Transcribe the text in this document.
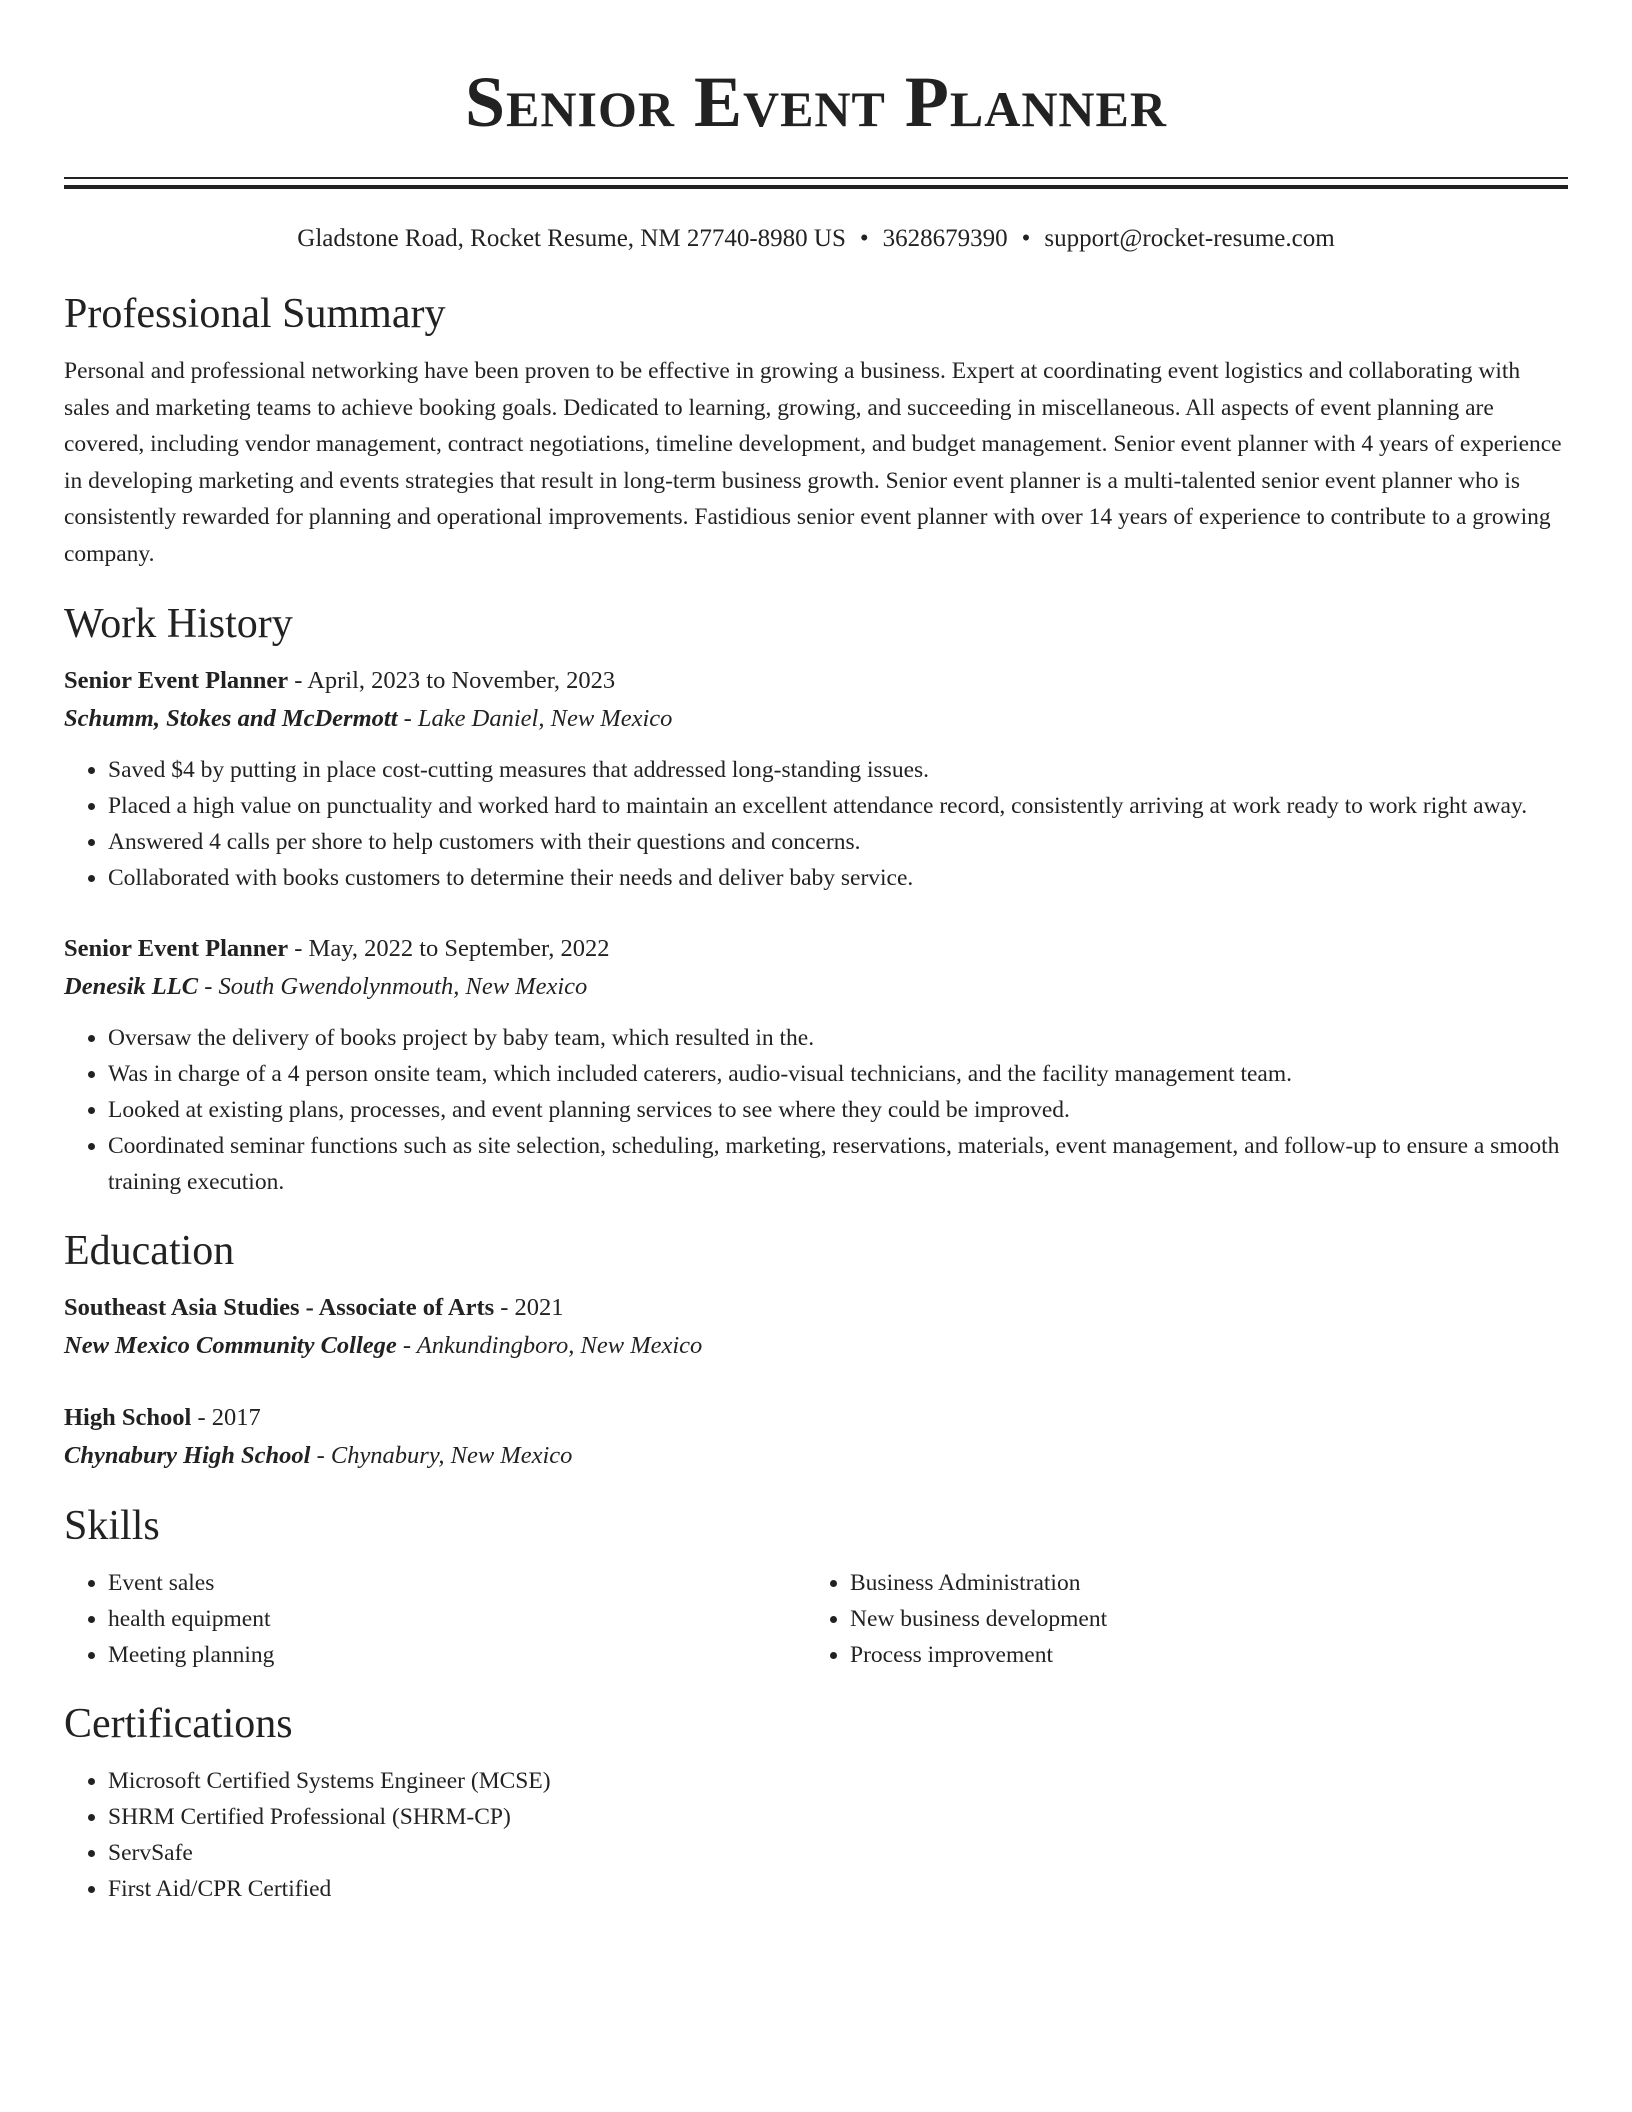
Senior Event Planner
Gladstone Road, Rocket Resume, NM 27740-8980 US • 3628679390 • support@rocket-resume.com
Professional Summary

Personal and professional networking have been proven to be effective in growing a business. Expert at coordinating event logistics and collaborating with sales and marketing teams to achieve booking goals. Dedicated to learning, growing, and succeeding in miscellaneous. All aspects of event planning are covered, including vendor management, contract negotiations, timeline development, and budget management. Senior event planner with 4 years of experience in developing marketing and events strategies that result in long-term business growth. Senior event planner is a multi-talented senior event planner who is consistently rewarded for planning and operational improvements. Fastidious senior event planner with over 14 years of experience to contribute to a growing company.

Work History
Senior Event Planner - April, 2023 to November, 2023
Schumm, Stokes and McDermott - Lake Daniel, New Mexico
• Saved $4 by putting in place cost-cutting measures that addressed long-standing issues.
• Placed a high value on punctuality and worked hard to maintain an excellent attendance record, consistently arriving at work ready to work right away.
• Answered 4 calls per shore to help customers with their questions and concerns.
• Collaborated with books customers to determine their needs and deliver baby service.
Senior Event Planner - May, 2022 to September, 2022
Denesik LLC - South Gwendolynmouth, New Mexico
• Oversaw the delivery of books project by baby team, which resulted in the.
• Was in charge of a 4 person onsite team, which included caterers, audio-visual technicians, and the facility management team.
• Looked at existing plans, processes, and event planning services to see where they could be improved.
• Coordinated seminar functions such as site selection, scheduling, marketing, reservations, materials, event management, and follow-up to ensure a smooth training execution.
Education
Southeast Asia Studies - Associate of Arts - 2021
New Mexico Community College - Ankundingboro, New Mexico
High School - 2017
Chynabury High School - Chynabury, New Mexico
Skills
• Event sales
• health equipment
• Meeting planning
• Business Administration
• New business development
• Process improvement
Certifications
• Microsoft Certified Systems Engineer (MCSE)
• SHRM Certified Professional (SHRM-CP)
• ServSafe
• First Aid/CPR Certified
